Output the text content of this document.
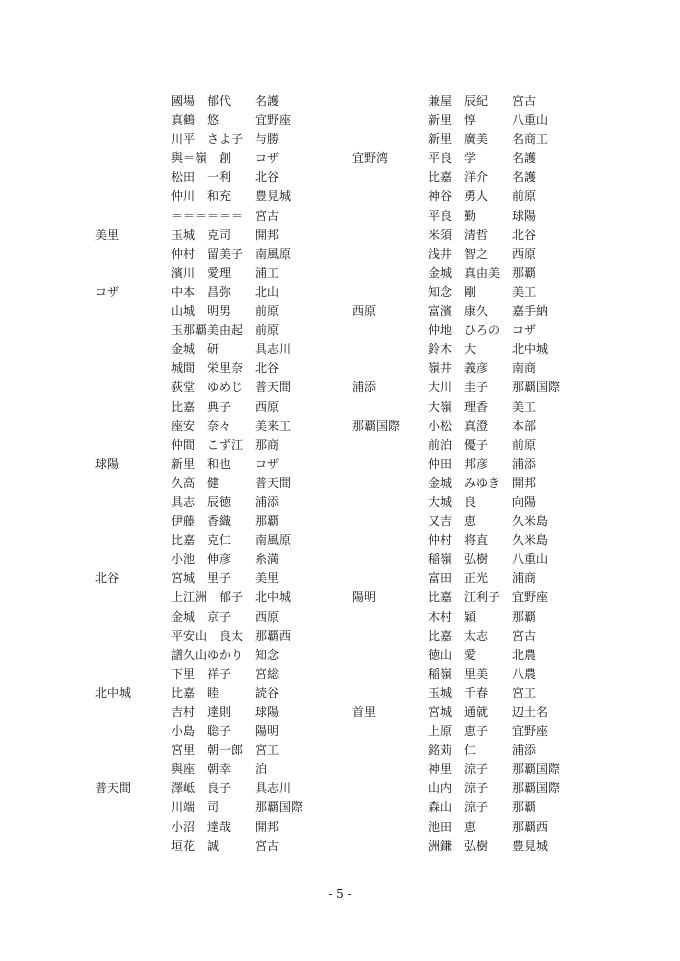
國場　郁代	名護
真鶴　悠	宜野座
川平　さよ子 与勝
與＝嶺　創	コザ
松田　一利	北谷
仲川　和充	豊見城
＝＝＝＝＝＝ 宮古
美里	玉城　克司	開邦
仲村　留美子 南風原
濱川　愛理	浦工
コザ	中本　昌弥	北山
山城　明男	前原
玉那覇美由起 前原
金城　研	具志川
城間　栄里奈 北谷
荻堂　ゆめじ 普天間
比嘉　典子	西原
座安　奈々	美来工
仲間　こず江 那商
球陽	新里　和也	コザ
久高　健	普天間
具志　辰徳	浦添
伊藤　香織	那覇
比嘉　克仁	南風原
小池　伸彦	糸満
北谷	宮城　里子	美里
上江洲　郁子 北中城
金城　京子	西原
平安山　良太 那覇西
譜久山ゆかり 知念
下里　祥子	宮総
北中城	比嘉　睦	読谷
吉村　達則	球陽
小島　聡子	陽明
宮里　朝一郎 宮工
與座　朝幸	泊
普天間	澤岻　良子	具志川
川端　司	那覇国際
小沼　達哉	開邦
垣花　誠	宮古
兼屋　辰紀	宮古
新里　惇	八重山
新里　廣美	名商工
宜野湾	平良　学	名護
比嘉　洋介	名護
神谷　勇人	前原
平良　勤	球陽
米須　清哲	北谷
浅井　智之	西原
金城　真由美 那覇
知念　剛	美工
西原	富濱　康久	嘉手納
仲地　ひろの コザ
鈴木　大	北中城
嶺井　義彦	南商
浦添	大川　圭子	那覇国際
大嶺　理香	美工
那覇国際	小松　真澄	本部
前泊　優子	前原
仲田　邦彦	浦添
金城　みゆき 開邦
大城　良	向陽
又吉　恵	久米島
仲村　将直	久米島
稲嶺　弘樹	八重山
富田　正光	浦商
陽明	比嘉　江利子 宜野座
木村　穎	那覇
比嘉　太志	宮古
徳山　愛	北農
稲嶺　里美	八農
玉城　千春	宮工
首里	宮城　通就	辺土名
上原　恵子	宜野座
銘苅　仁	浦添
神里　涼子	那覇国際
山内　涼子	那覇国際
森山　涼子	那覇
池田　恵	那覇西
洲鎌　弘樹	豊見城
- 5 -
